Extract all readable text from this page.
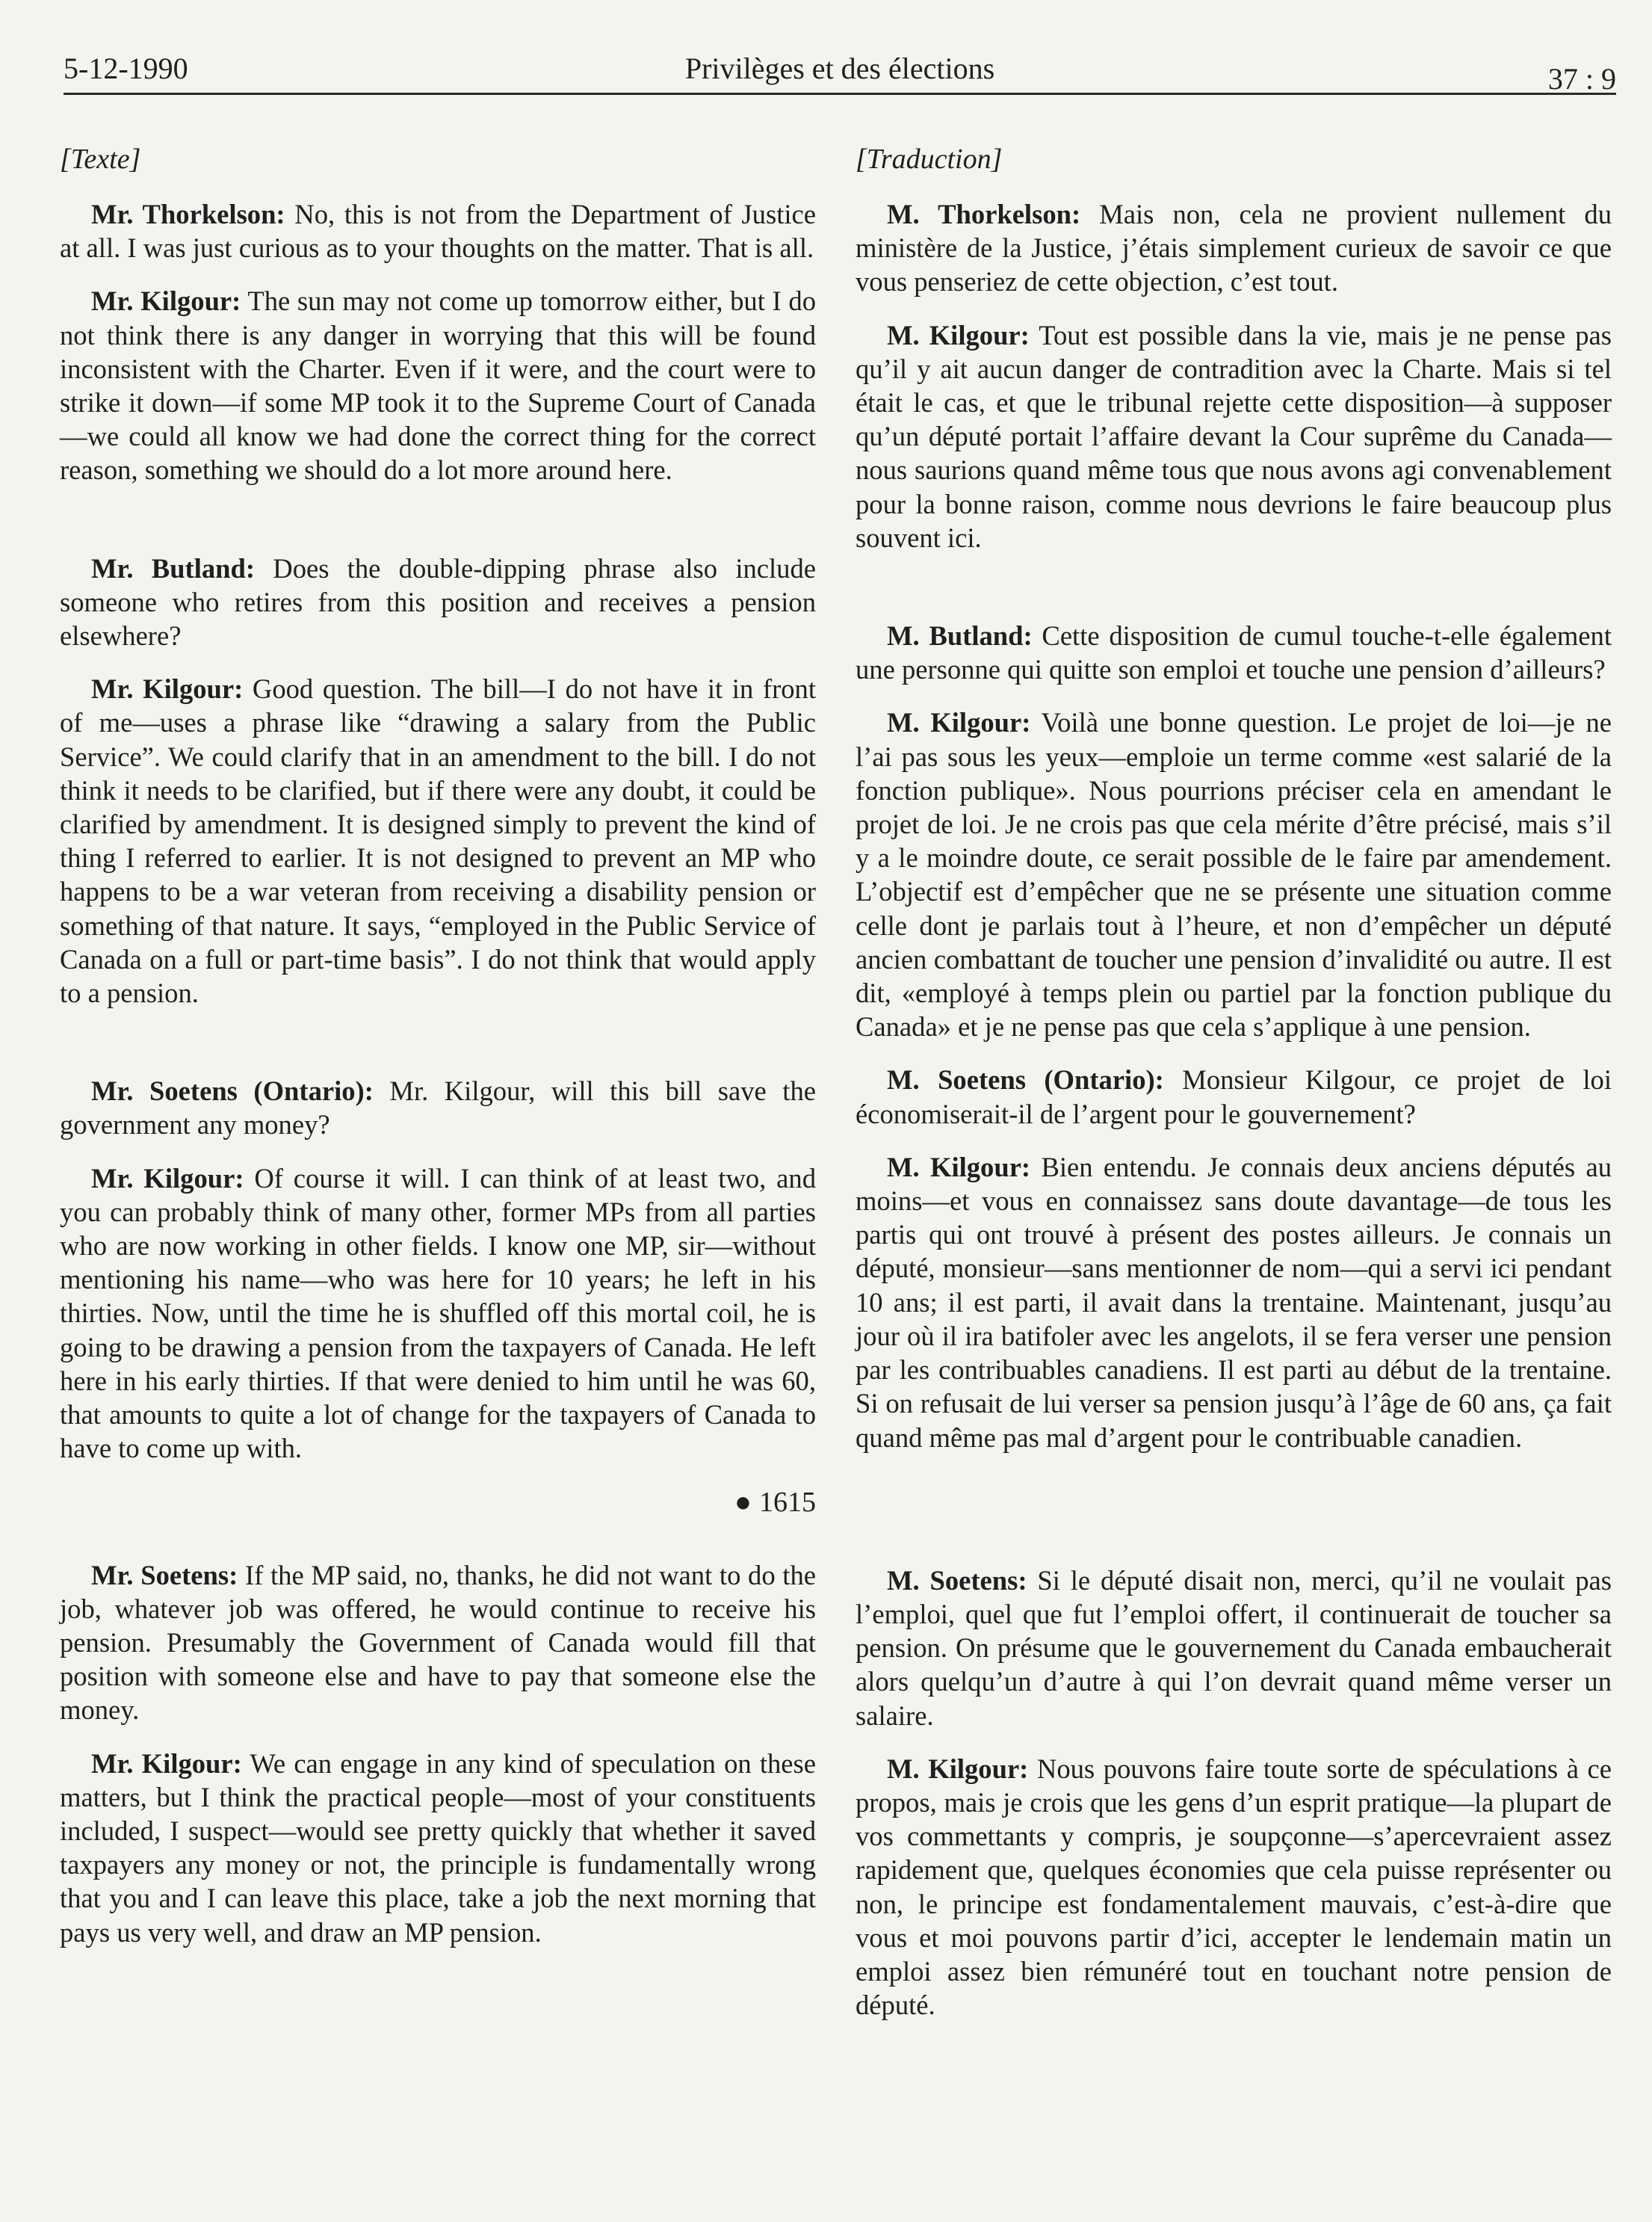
5-12-1990	Privilèges et des élections	37 : 9
[Texte]

Mr. Thorkelson: No, this is not from the Department of Justice at all. I was just curious as to your thoughts on the matter. That is all.

Mr. Kilgour: The sun may not come up tomorrow either, but I do not think there is any danger in worrying that this will be found inconsistent with the Charter. Even if it were, and the court were to strike it down—if some MP took it to the Supreme Court of Canada—we could all know we had done the correct thing for the correct reason, something we should do a lot more around here.

Mr. Butland: Does the double-dipping phrase also include someone who retires from this position and receives a pension elsewhere?

Mr. Kilgour: Good question. The bill—I do not have it in front of me—uses a phrase like “drawing a salary from the Public Service”. We could clarify that in an amendment to the bill. I do not think it needs to be clarified, but if there were any doubt, it could be clarified by amendment. It is designed simply to prevent the kind of thing I referred to earlier. It is not designed to prevent an MP who happens to be a war veteran from receiving a disability pension or something of that nature. It says, “employed in the Public Service of Canada on a full or part-time basis”. I do not think that would apply to a pension.

Mr. Soetens (Ontario): Mr. Kilgour, will this bill save the government any money?

Mr. Kilgour: Of course it will. I can think of at least two, and you can probably think of many other, former MPs from all parties who are now working in other fields. I know one MP, sir—without mentioning his name—who was here for 10 years; he left in his thirties. Now, until the time he is shuffled off this mortal coil, he is going to be drawing a pension from the taxpayers of Canada. He left here in his early thirties. If that were denied to him until he was 60, that amounts to quite a lot of change for the taxpayers of Canada to have to come up with.

● 1615

Mr. Soetens: If the MP said, no, thanks, he did not want to do the job, whatever job was offered, he would continue to receive his pension. Presumably the Government of Canada would fill that position with someone else and have to pay that someone else the money.

Mr. Kilgour: We can engage in any kind of speculation on these matters, but I think the practical people—most of your constituents included, I suspect—would see pretty quickly that whether it saved taxpayers any money or not, the principle is fundamentally wrong that you and I can leave this place, take a job the next morning that pays us very well, and draw an MP pension.

[Traduction]

M. Thorkelson: Mais non, cela ne provient nullement du ministère de la Justice, j’étais simplement curieux de savoir ce que vous penseriez de cette objection, c’est tout.

M. Kilgour: Tout est possible dans la vie, mais je ne pense pas qu’il y ait aucun danger de contradition avec la Charte. Mais si tel était le cas, et que le tribunal rejette cette disposition—à supposer qu’un député portait l’affaire devant la Cour suprême du Canada—nous saurions quand même tous que nous avons agi convenablement pour la bonne raison, comme nous devrions le faire beaucoup plus souvent ici.

M. Butland: Cette disposition de cumul touche-t-elle également une personne qui quitte son emploi et touche une pension d’ailleurs?

M. Kilgour: Voilà une bonne question. Le projet de loi—je ne l’ai pas sous les yeux—emploie un terme comme «est salarié de la fonction publique». Nous pourrions préciser cela en amendant le projet de loi. Je ne crois pas que cela mérite d’être précisé, mais s’il y a le moindre doute, ce serait possible de le faire par amendement. L’objectif est d’empêcher que ne se présente une situation comme celle dont je parlais tout à l’heure, et non d’empêcher un député ancien combattant de toucher une pension d’invalidité ou autre. Il est dit, «employé à temps plein ou partiel par la fonction publique du Canada» et je ne pense pas que cela s’applique à une pension.

M. Soetens (Ontario): Monsieur Kilgour, ce projet de loi économiserait-il de l’argent pour le gouvernement?

M. Kilgour: Bien entendu. Je connais deux anciens députés au moins—et vous en connaissez sans doute davantage—de tous les partis qui ont trouvé à présent des postes ailleurs. Je connais un député, monsieur—sans mentionner de nom—qui a servi ici pendant 10 ans; il est parti, il avait dans la trentaine. Maintenant, jusqu’au jour où il ira batifoler avec les angelots, il se fera verser une pension par les contribuables canadiens. Il est parti au début de la trentaine. Si on refusait de lui verser sa pension jusqu’à l’âge de 60 ans, ça fait quand même pas mal d’argent pour le contribuable canadien.

M. Soetens: Si le député disait non, merci, qu’il ne voulait pas l’emploi, quel que fut l’emploi offert, il continuerait de toucher sa pension. On présume que le gouvernement du Canada embaucherait alors quelqu’un d’autre à qui l’on devrait quand même verser un salaire.

M. Kilgour: Nous pouvons faire toute sorte de spéculations à ce propos, mais je crois que les gens d’un esprit pratique—la plupart de vos commettants y compris, je soupçonne—s’apercevraient assez rapidement que, quelques économies que cela puisse représenter ou non, le principe est fondamentalement mauvais, c’est-à-dire que vous et moi pouvons partir d’ici, accepter le lendemain matin un emploi assez bien rémunéré tout en touchant notre pension de député.
